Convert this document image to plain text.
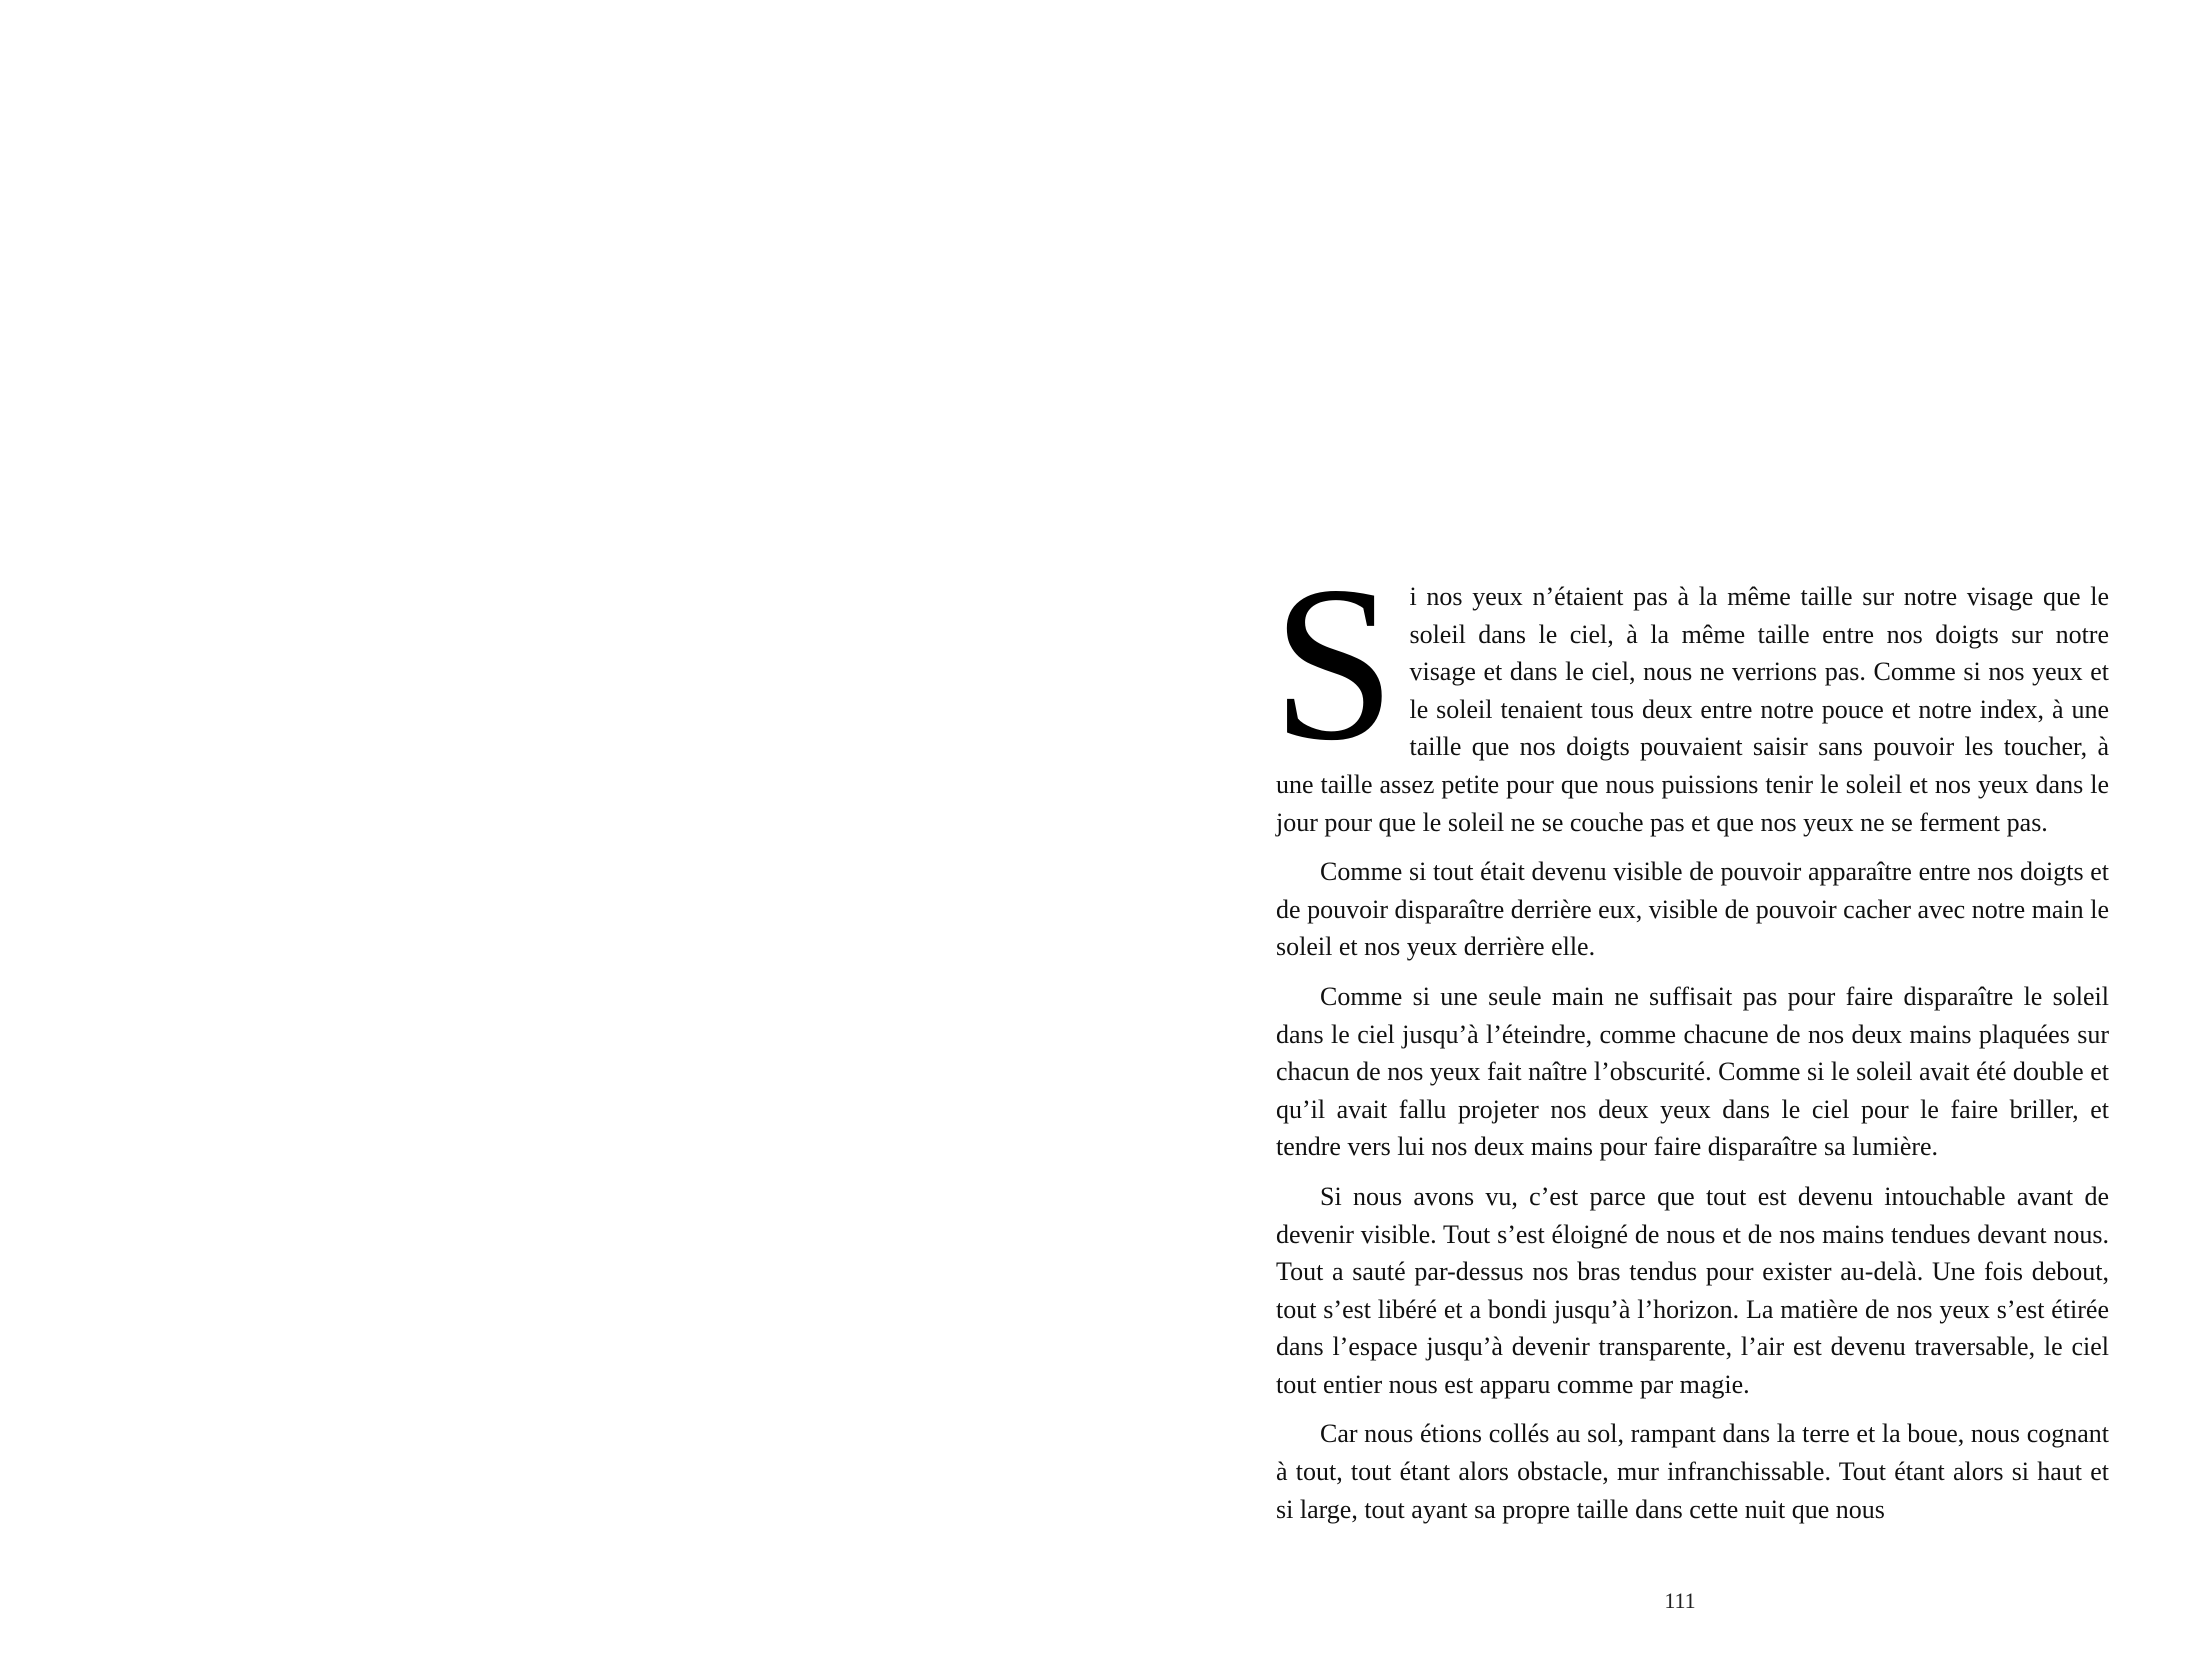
Si nos yeux n’étaient pas à la même taille sur notre visage que le soleil dans le ciel, à la même taille entre nos doigts sur notre visage et dans le ciel, nous ne verrions pas. Comme si nos yeux et le soleil tenaient tous deux entre notre pouce et notre index, à une taille que nos doigts pouvaient saisir sans pouvoir les toucher, à une taille assez petite pour que nous puissions tenir le soleil et nos yeux dans le jour pour que le soleil ne se couche pas et que nos yeux ne se ferment pas.

Comme si tout était devenu visible de pouvoir apparaître entre nos doigts et de pouvoir disparaître derrière eux, visible de pouvoir cacher avec notre main le soleil et nos yeux derrière elle.

Comme si une seule main ne suffisait pas pour faire disparaître le soleil dans le ciel jusqu’à l’éteindre, comme chacune de nos deux mains plaquées sur chacun de nos yeux fait naître l’obscurité. Comme si le soleil avait été double et qu’il avait fallu projeter nos deux yeux dans le ciel pour le faire briller, et tendre vers lui nos deux mains pour faire disparaître sa lumière.

Si nous avons vu, c’est parce que tout est devenu intouchable avant de devenir visible. Tout s’est éloigné de nous et de nos mains tendues devant nous. Tout a sauté par-dessus nos bras tendus pour exister au-delà. Une fois debout, tout s’est libéré et a bondi jusqu’à l’horizon. La matière de nos yeux s’est étirée dans l’espace jusqu’à devenir transparente, l’air est devenu traversable, le ciel tout entier nous est apparu comme par magie.

Car nous étions collés au sol, rampant dans la terre et la boue, nous cognant à tout, tout étant alors obstacle, mur infranchissable. Tout étant alors si haut et si large, tout ayant sa propre taille dans cette nuit que nous

111
